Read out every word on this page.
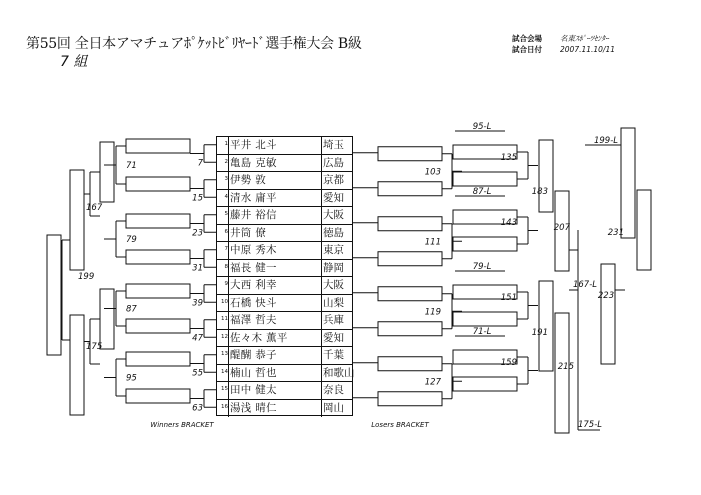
第55回 全日本アマチュアﾎﾟｹｯﾄﾋﾞﾘﾔｰﾄﾞ選手権大会 B級
7 組
試合会場 名東ｽﾎﾟｰﾂｾﾝﾀｰ
試合日付 2007.11.10/11
7
15
23
31
39
47
55
63
71
79
87
95
167
175
199
103
111
119
127
95-L
135
87-L
143
79-L
151
71-L
159
183
191
207
215
167-L
175-L
223
199-L
231
Winners BRACKET	Losers BRACKET
1 平井 北斗	埼玉
2 亀島 克敏	広島
3 伊勢 敦	京都
4 清水 庸平	愛知
5 藤井 裕信	大阪
6 井筒 僚	徳島
7 中原 秀木	東京
8 福長 健一	静岡
9 大西 利幸	大阪
10 石橋 快斗	山梨
11 福澤 哲夫	兵庫
12 佐々木 薫平	愛知
13 醍醐 恭子	千葉
14 楠山 哲也	和歌山
15 田中 健太	奈良
16 湯浅 晴仁	岡山
